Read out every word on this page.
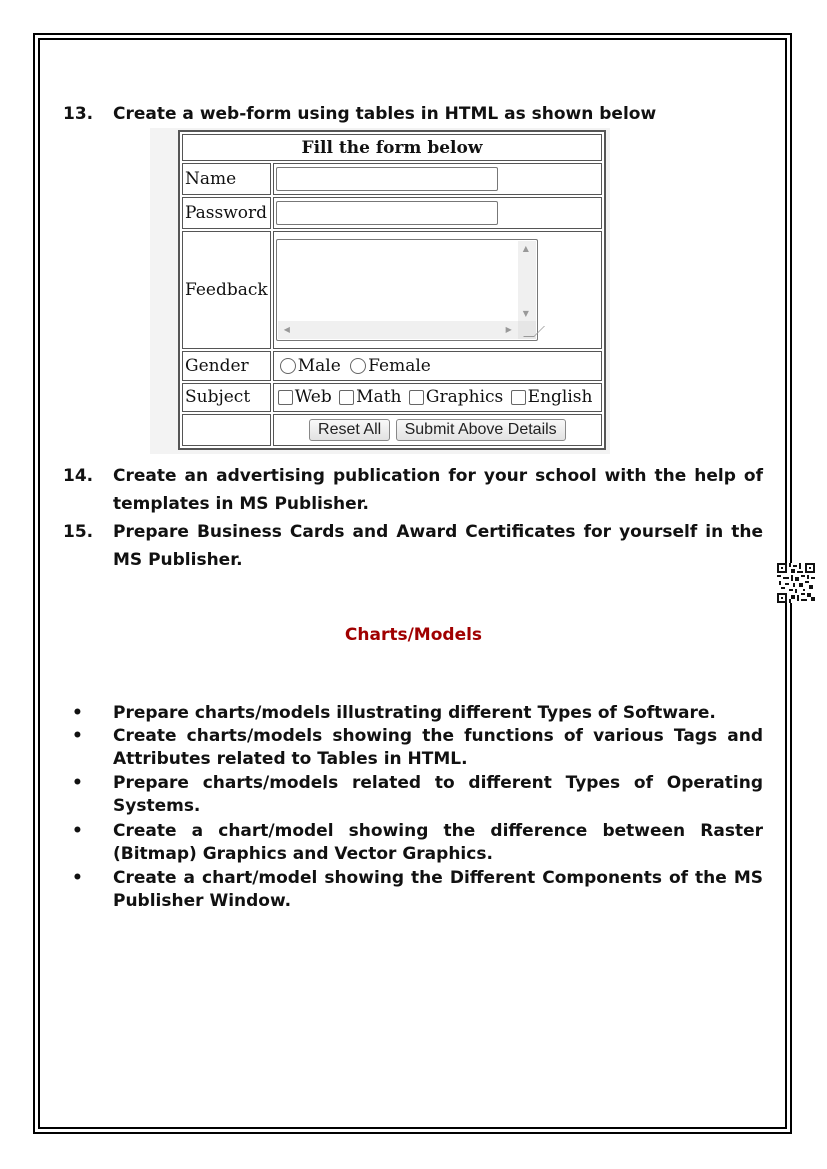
13. Create a web-form using tables in HTML as shown below
Fill the form below	
Name	
Password	
Feedback	▲
▼
◀ ▶

Gender	Male Female
Subject	Web Math Graphics English
	Reset All Submit Above Details
14. Create an advertising publication for your school with the help of templates in MS Publisher.
15. Prepare Business Cards and Award Certificates for yourself in the MS Publisher.
Charts/Models
• Prepare charts/models illustrating different Types of Software.
• Create charts/models showing the functions of various Tags and Attributes related to Tables in HTML.
• Prepare charts/models related to different Types of Operating Systems.
• Create a chart/model showing the difference between Raster (Bitmap) Graphics and Vector Graphics.
• Create a chart/model showing the Different Components of the MS Publisher Window.
